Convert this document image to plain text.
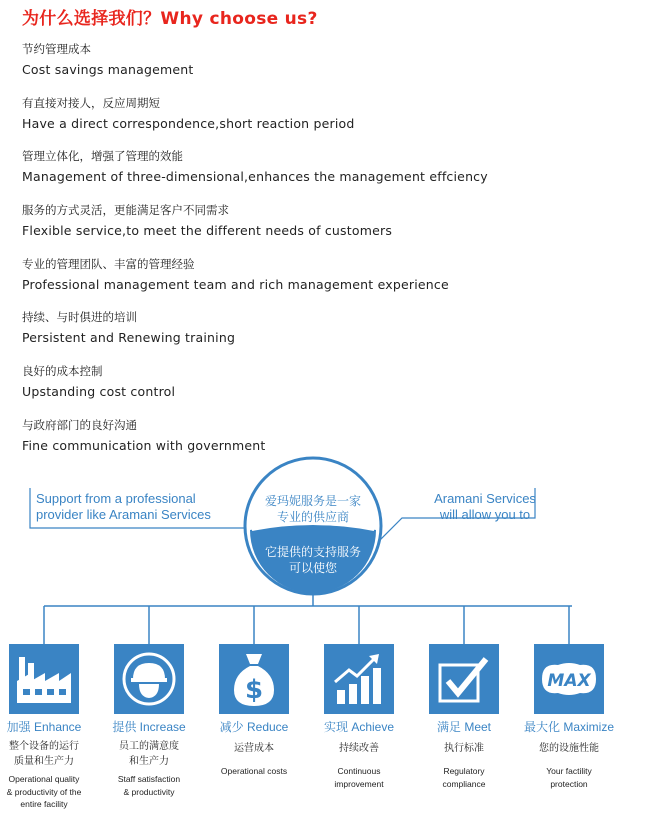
为什么选择我们？Why choose us?
节约管理成本
Cost savings management
有直接对接人，反应周期短
Have a direct correspondence,short reaction period
管理立体化，增强了管理的效能
Management of three-dimensional,enhances the management effciency
服务的方式灵活，更能满足客户不同需求
Flexible service,to meet the different needs of customers
专业的管理团队、丰富的管理经验
Professional management team and rich management experience
持续、与时俱进的培训
Persistent and Renewing training
良好的成本控制
Upstanding cost control
与政府部门的良好沟通
Fine communication with government
Support from a professional
provider like Aramani Services
Aramani Services
will allow you to
爱玛妮服务是一家
专业的供应商
它提供的支持服务
可以使您
加强 Enhance
整个设备的运行
质量和生产力
Operational quality
& productivity of the
entire facility
提供 Increase
员工的满意度
和生产力
Staff satisfaction
& productivity
$
减少 Reduce
运营成本
Operational costs
实现 Achieve
持续改善
Continuous
improvement
满足 Meet
执行标准
Regulatory
compliance
MAX
最大化 Maximize
您的设施性能
Your factility
protection
